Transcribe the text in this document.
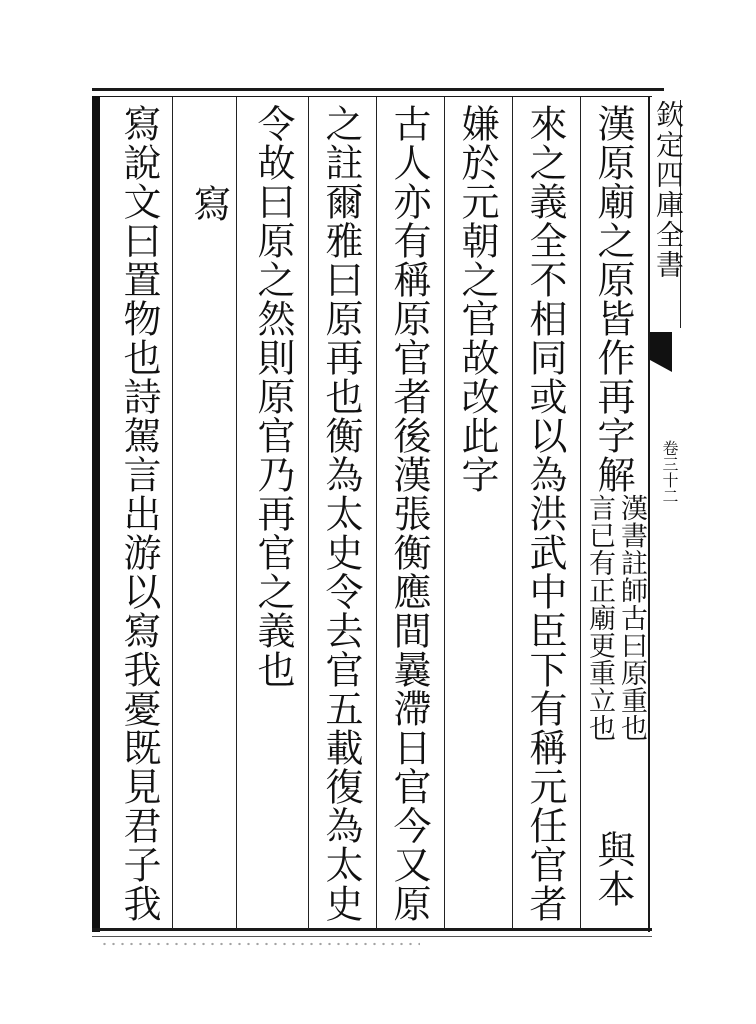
欽定四庫全書
卷三十二
漢原廟之原皆作再字解
漢書註師古曰原重也
言已有正廟更重立也
與本
來之義全不相同或以為洪武中臣下有稱元任官者
嫌於元朝之官故改此字
古人亦有稱原官者後漢張衡應間曩滯日官今又原
之註爾雅曰原再也衡為太史令去官五載復為太史
令故曰原之然則原官乃再官之義也
寫
寫說文曰置物也詩駕言出游以寫我憂既見君子我
